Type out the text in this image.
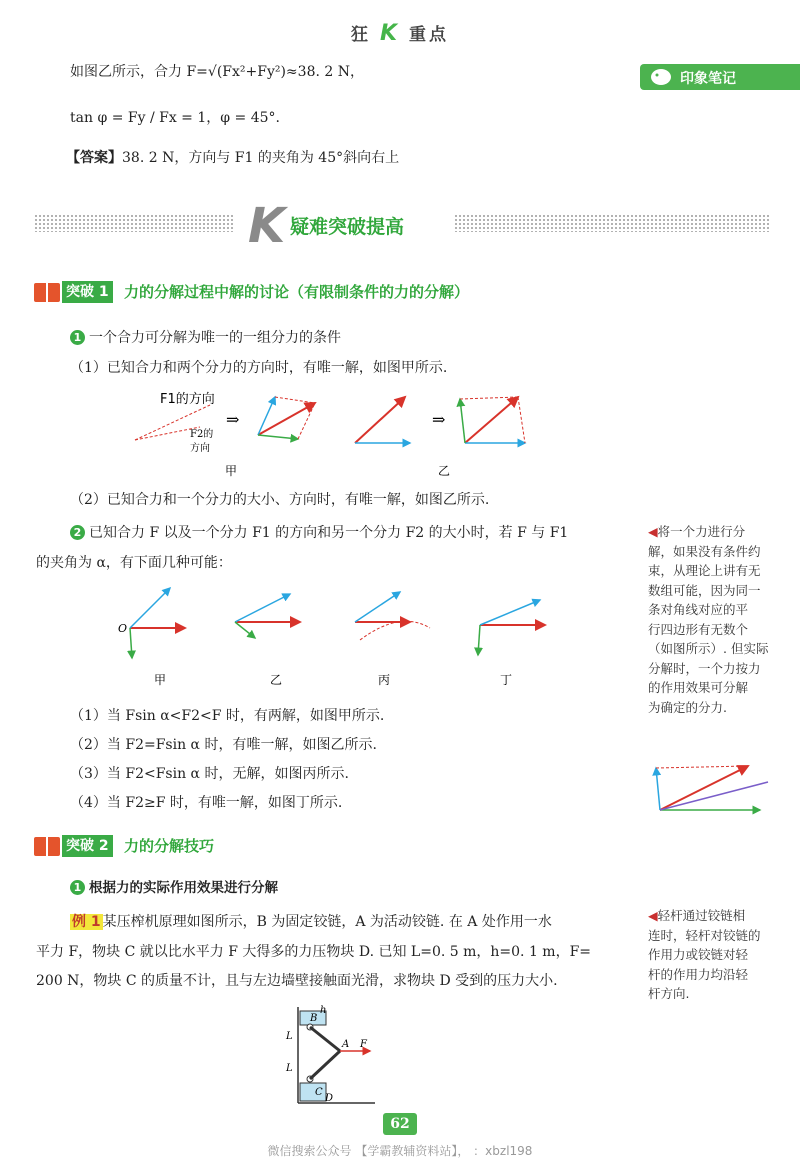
狂 K 重点
印象笔记
如图乙所示，合力 F=√(Fx²+Fy²)≈38. 2 N，
tan φ = Fy / Fx = 1，φ = 45°.
【答案】38. 2 N，方向与 F1 的夹角为 45°斜向右上
K 疑难突破提高
突破 1 力的分解过程中解的讨论（有限制条件的力的分解）
1 一个合力可分解为唯一的一组分力的条件
（1）已知合力和两个分力的方向时，有唯一解，如图甲所示.
F1的方向
F2的
方向
⇒
甲
⇒
乙
（2）已知合力和一个分力的大小、方向时，有唯一解，如图乙所示.
2 已知合力 F 以及一个分力 F1 的方向和另一个分力 F2 的大小时，若 F 与 F1
的夹角为 α，有下面几种可能：
O
甲	乙	丙	丁
（1）当 Fsin α<F2<F 时，有两解，如图甲所示.
（2）当 F2=Fsin α 时，有唯一解，如图乙所示.
（3）当 F2<Fsin α 时，无解，如图丙所示.
（4）当 F2≥F 时，有唯一解，如图丁所示.
◀将一个力进行分
解，如果没有条件约
束，从理论上讲有无
数组可能，因为同一
条对角线对应的平
行四边形有无数个
（如图所示）. 但实际
分解时，一个力按力
的作用效果可分解
为确定的分力.
突破 2 力的分解技巧
1 根据力的实际作用效果进行分解
例 1 某压榨机原理如图所示，B 为固定铰链，A 为活动铰链. 在 A 处作用一水
平力 F，物块 C 就以比水平力 F 大得多的力压物块 D. 已知 L=0. 5 m，h=0. 1 m，F=
200 N，物块 C 的质量不计，且与左边墙壁接触面光滑，求物块 D 受到的压力大小.
◀轻杆通过铰链相
连时，轻杆对铰链的
作用力或铰链对轻
杆的作用力均沿轻
杆方向.
h
B
A F
C
D
L
L
62
微信搜索公众号 【学霸教辅资料站】， ：xbzl198
